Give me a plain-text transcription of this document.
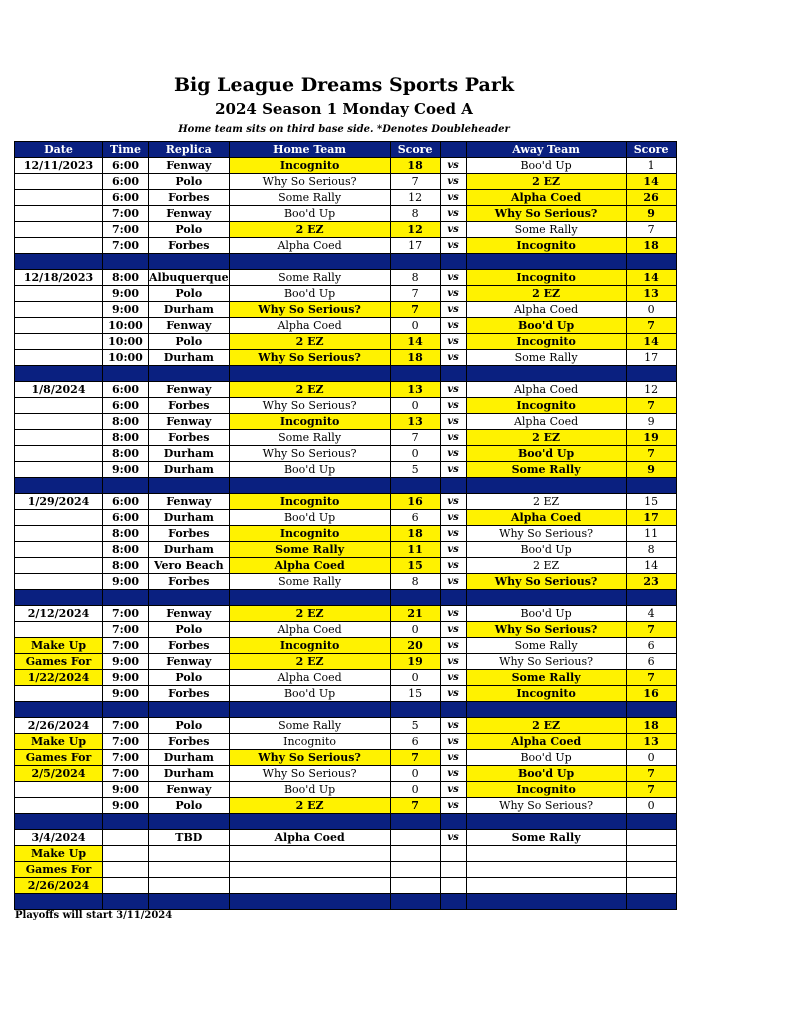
Big League Dreams Sports Park
2024 Season 1 Monday Coed A
Home team sits on third base side. *Denotes Doubleheader
Date	Time	Replica	Home Team	Score		Away Team	Score
12/11/2023	6:00	Fenway	Incognito	18	vs	Boo'd Up	1
	6:00	Polo	Why So Serious?	7	vs	2 EZ	14
	6:00	Forbes	Some Rally	12	vs	Alpha Coed	26
	7:00	Fenway	Boo'd Up	8	vs	Why So Serious?	9
	7:00	Polo	2 EZ	12	vs	Some Rally	7
	7:00	Forbes	Alpha Coed	17	vs	Incognito	18

12/18/2023	8:00	Albuquerque	Some Rally	8	vs	Incognito	14
	9:00	Polo	Boo'd Up	7	vs	2 EZ	13
	9:00	Durham	Why So Serious?	7	vs	Alpha Coed	0
	10:00	Fenway	Alpha Coed	0	vs	Boo'd Up	7
	10:00	Polo	2 EZ	14	vs	Incognito	14
	10:00	Durham	Why So Serious?	18	vs	Some Rally	17

1/8/2024	6:00	Fenway	2 EZ	13	vs	Alpha Coed	12
	6:00	Forbes	Why So Serious?	0	vs	Incognito	7
	8:00	Fenway	Incognito	13	vs	Alpha Coed	9
	8:00	Forbes	Some Rally	7	vs	2 EZ	19
	8:00	Durham	Why So Serious?	0	vs	Boo'd Up	7
	9:00	Durham	Boo'd Up	5	vs	Some Rally	9

1/29/2024	6:00	Fenway	Incognito	16	vs	2 EZ	15
	6:00	Durham	Boo'd Up	6	vs	Alpha Coed	17
	8:00	Forbes	Incognito	18	vs	Why So Serious?	11
	8:00	Durham	Some Rally	11	vs	Boo'd Up	8
	8:00	Vero Beach	Alpha Coed	15	vs	2 EZ	14
	9:00	Forbes	Some Rally	8	vs	Why So Serious?	23

2/12/2024	7:00	Fenway	2 EZ	21	vs	Boo'd Up	4
	7:00	Polo	Alpha Coed	0	vs	Why So Serious?	7
Make Up	7:00	Forbes	Incognito	20	vs	Some Rally	6
Games For	9:00	Fenway	2 EZ	19	vs	Why So Serious?	6
1/22/2024	9:00	Polo	Alpha Coed	0	vs	Some Rally	7
	9:00	Forbes	Boo'd Up	15	vs	Incognito	16

2/26/2024	7:00	Polo	Some Rally	5	vs	2 EZ	18
Make Up	7:00	Forbes	Incognito	6	vs	Alpha Coed	13
Games For	7:00	Durham	Why So Serious?	7	vs	Boo'd Up	0
2/5/2024	7:00	Durham	Why So Serious?	0	vs	Boo'd Up	7
	9:00	Fenway	Boo'd Up	0	vs	Incognito	7
	9:00	Polo	2 EZ	7	vs	Why So Serious?	0

3/4/2024		TBD	Alpha Coed		vs	Some Rally	
Make Up							
Games For							
2/26/2024							

Playoffs will start 3/11/2024
